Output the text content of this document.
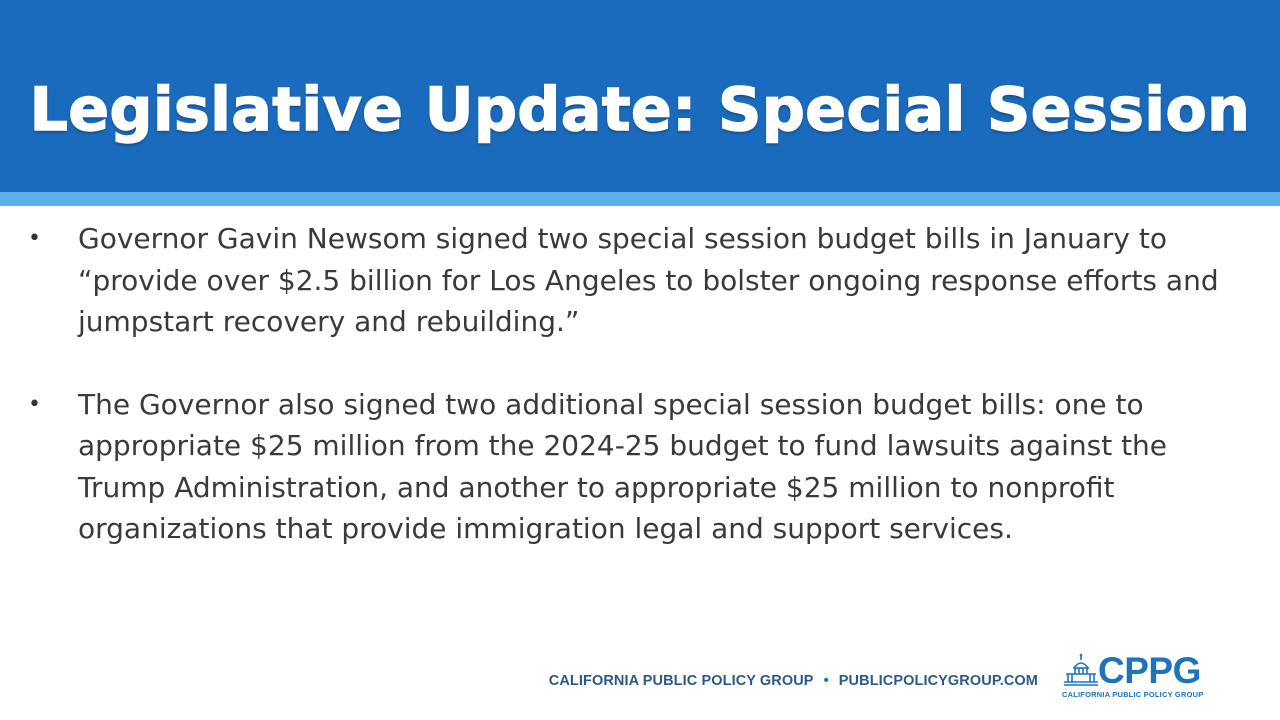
Legislative Update: Special Session
• Governor Gavin Newsom signed two special session budget bills in January to “provide over $2.5 billion for Los Angeles to bolster ongoing response efforts and jumpstart recovery and rebuilding.”
• The Governor also signed two additional special session budget bills: one to appropriate $25 million from the 2024-25 budget to fund lawsuits against the Trump Administration, and another to appropriate $25 million to nonprofit organizations that provide immigration legal and support services.
CALIFORNIA PUBLIC POLICY GROUP • PUBLICPOLICYGROUP.COM CPPG
CALIFORNIA PUBLIC POLICY GROUP
